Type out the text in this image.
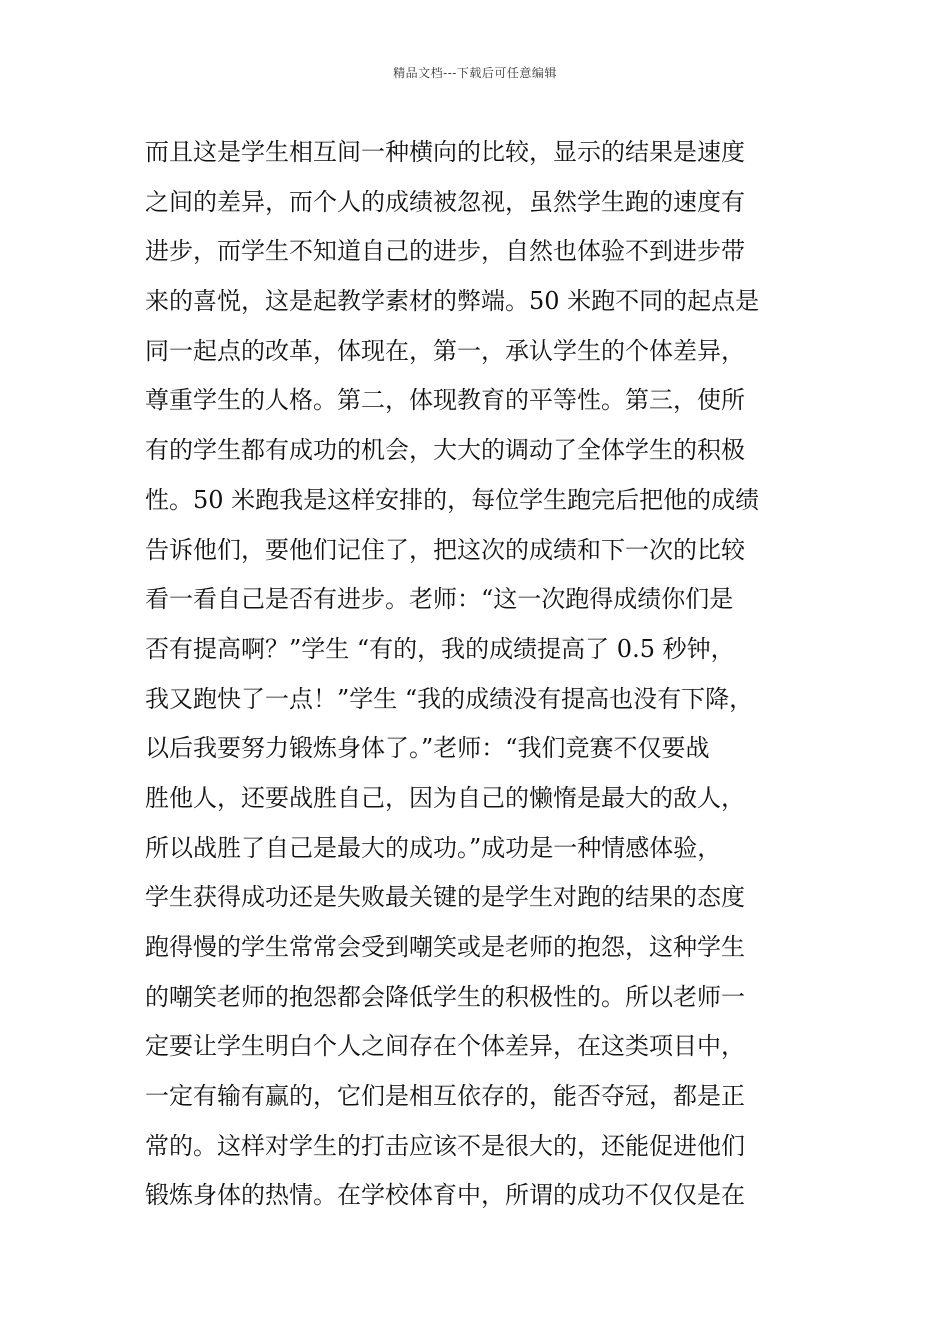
精品文档---下载后可任意编辑
而且这是学生相互间一种横向的比较，显示的结果是速度
之间的差异，而个人的成绩被忽视，虽然学生跑的速度有
进步，而学生不知道自己的进步，自然也体验不到进步带
来的喜悦，这是起教学素材的弊端。50 米跑不同的起点是
同一起点的改革，体现在，第一，承认学生的个体差异，
尊重学生的人格。第二，体现教育的平等性。第三，使所
有的学生都有成功的机会，大大的调动了全体学生的积极
性。50 米跑我是这样安排的，每位学生跑完后把他的成绩
告诉他们，要他们记住了，把这次的成绩和下一次的比较
看一看自己是否有进步。老师：“这一次跑得成绩你们是
否有提高啊？”学生 “有的，我的成绩提高了 0.5 秒钟，
我又跑快了一点！”学生 “我的成绩没有提高也没有下降，
以后我要努力锻炼身体了。”老师：“我们竞赛不仅要战
胜他人，还要战胜自己，因为自己的懒惰是最大的敌人，
所以战胜了自己是最大的成功。”成功是一种情感体验，
学生获得成功还是失败最关键的是学生对跑的结果的态度
跑得慢的学生常常会受到嘲笑或是老师的抱怨，这种学生
的嘲笑老师的抱怨都会降低学生的积极性的。所以老师一
定要让学生明白个人之间存在个体差异，在这类项目中，
一定有输有赢的，它们是相互依存的，能否夺冠，都是正
常的。这样对学生的打击应该不是很大的，还能促进他们
锻炼身体的热情。在学校体育中，所谓的成功不仅仅是在
